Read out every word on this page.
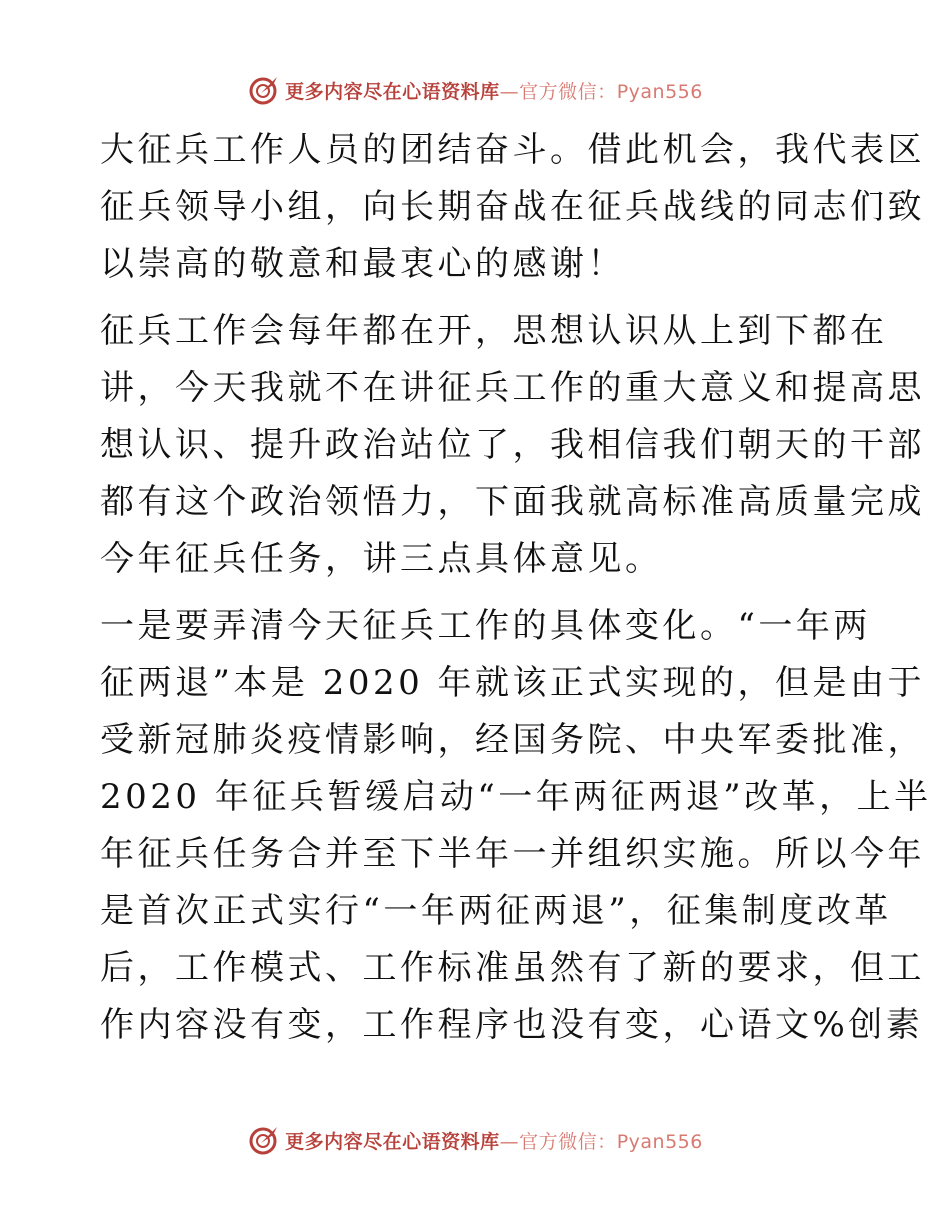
更多内容尽在心语资料库—官方微信：Pyan556
大征兵工作人员的团结奋斗。借此机会，我代表区
征兵领导小组，向长期奋战在征兵战线的同志们致
以崇高的敬意和最衷心的感谢！
征兵工作会每年都在开，思想认识从上到下都在
讲，今天我就不在讲征兵工作的重大意义和提高思
想认识、提升政治站位了，我相信我们朝天的干部
都有这个政治领悟力，下面我就高标准高质量完成
今年征兵任务，讲三点具体意见。
一是要弄清今天征兵工作的具体变化。“一年两
征两退”本是 2020 年就该正式实现的，但是由于
受新冠肺炎疫情影响，经国务院、中央军委批准，
2020 年征兵暂缓启动“一年两征两退”改革，上半
年征兵任务合并至下半年一并组织实施。所以今年
是首次正式实行“一年两征两退”，征集制度改革
后，工作模式、工作标准虽然有了新的要求，但工
作内容没有变，工作程序也没有变，心语文%创素
更多内容尽在心语资料库—官方微信：Pyan556
